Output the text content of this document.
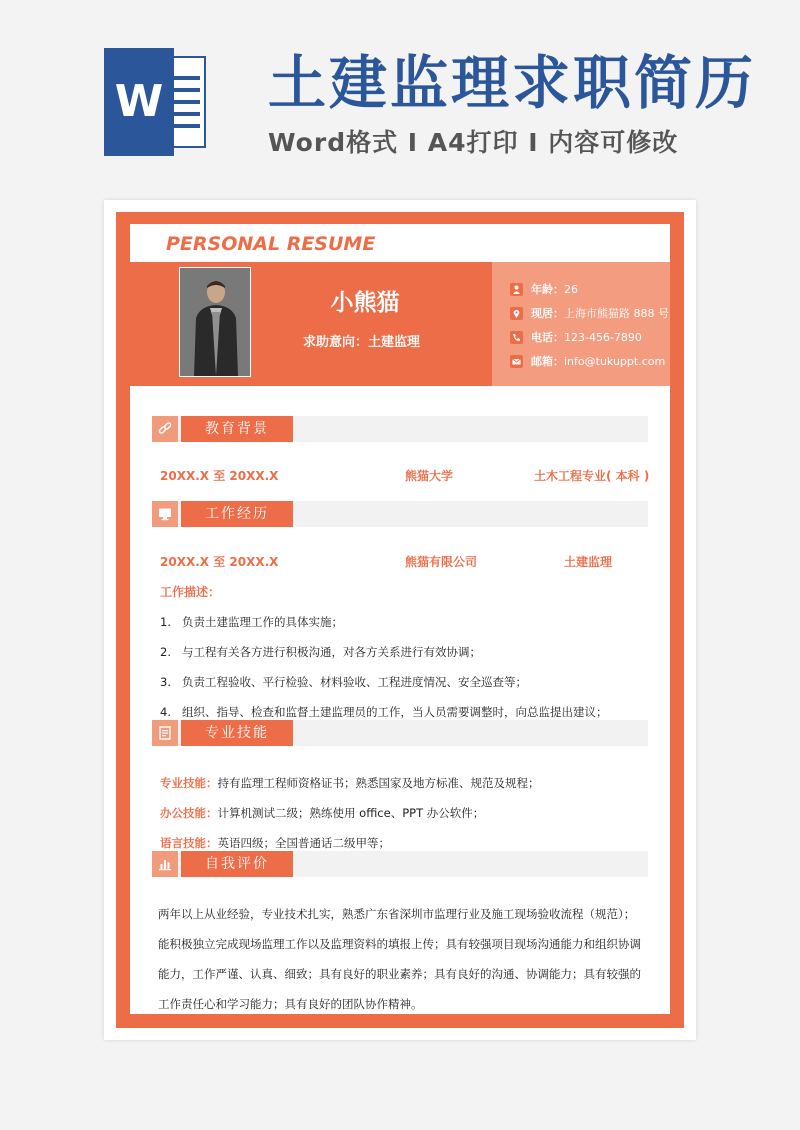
W 土建监理求职简历
Word格式 I A4打印 I 内容可修改
PERSONAL RESUME
小熊猫
求助意向：土建监理
年龄： 26
现居： 上海市熊猫路 888 号
电话： 123-456-7890
邮箱： info@tukuppt.com
教育背景
20XX.X 至 20XX.X	熊猫大学	土木工程专业( 本科 )
工作经历
20XX.X 至 20XX.X	熊猫有限公司	土建监理
工作描述：
1. 负责土建监理工作的具体实施；
2. 与工程有关各方进行积极沟通，对各方关系进行有效协调；
3. 负责工程验收、平行检验、材料验收、工程进度情况、安全巡查等；
4. 组织、指导、检查和监督土建监理员的工作，当人员需要调整时，向总监提出建议；
专业技能
专业技能：持有监理工程师资格证书；熟悉国家及地方标准、规范及规程；
办公技能：计算机测试二级；熟练使用 office、PPT 办公软件；
语言技能：英语四级；全国普通话二级甲等；
自我评价
两年以上从业经验，专业技术扎实，熟悉广东省深圳市监理行业及施工现场验收流程（规范）；
能积极独立完成现场监理工作以及监理资料的填报上传；具有较强项目现场沟通能力和组织协调
能力，工作严谨、认真、细致；具有良好的职业素养；具有良好的沟通、协调能力；具有较强的
工作责任心和学习能力；具有良好的团队协作精神。
